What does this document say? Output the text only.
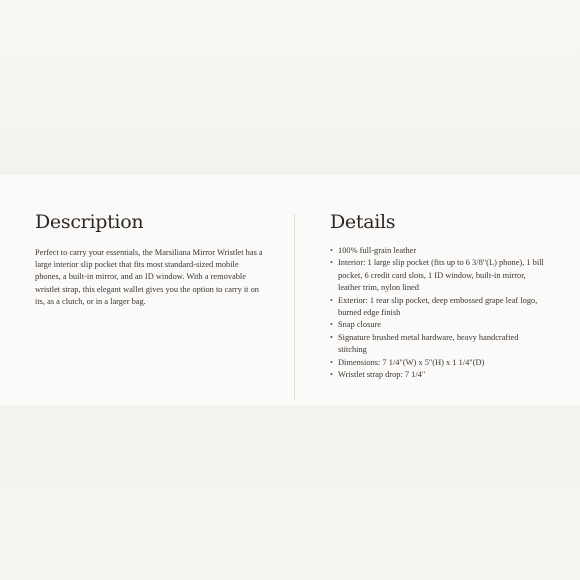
Description

Perfect to carry your essentials, the Marsiliana Mirror Wristlet has a large interior slip pocket that fits most standard-sized mobile phones, a built-in mirror, and an ID window. With a removable wristlet strap, this elegant wallet gives you the option to carry it on its, as a clutch, or in a larger bag.

Details
• 100% full-grain leather
• Interior: 1 large slip pocket (fits up to 6 3/8"(L) phone), 1 bill pocket, 6 credit card slots, 1 ID window, built-in mirror, leather trim, nylon lined
• Exterior: 1 rear slip pocket, deep embossed grape leaf logo, burned edge finish
• Snap closure
• Signature brushed metal hardware, heavy handcrafted stitching
• Dimensions: 7 1/4"(W) x 5"(H) x 1 1/4"(D)
• Wristlet strap drop: 7 1/4"
